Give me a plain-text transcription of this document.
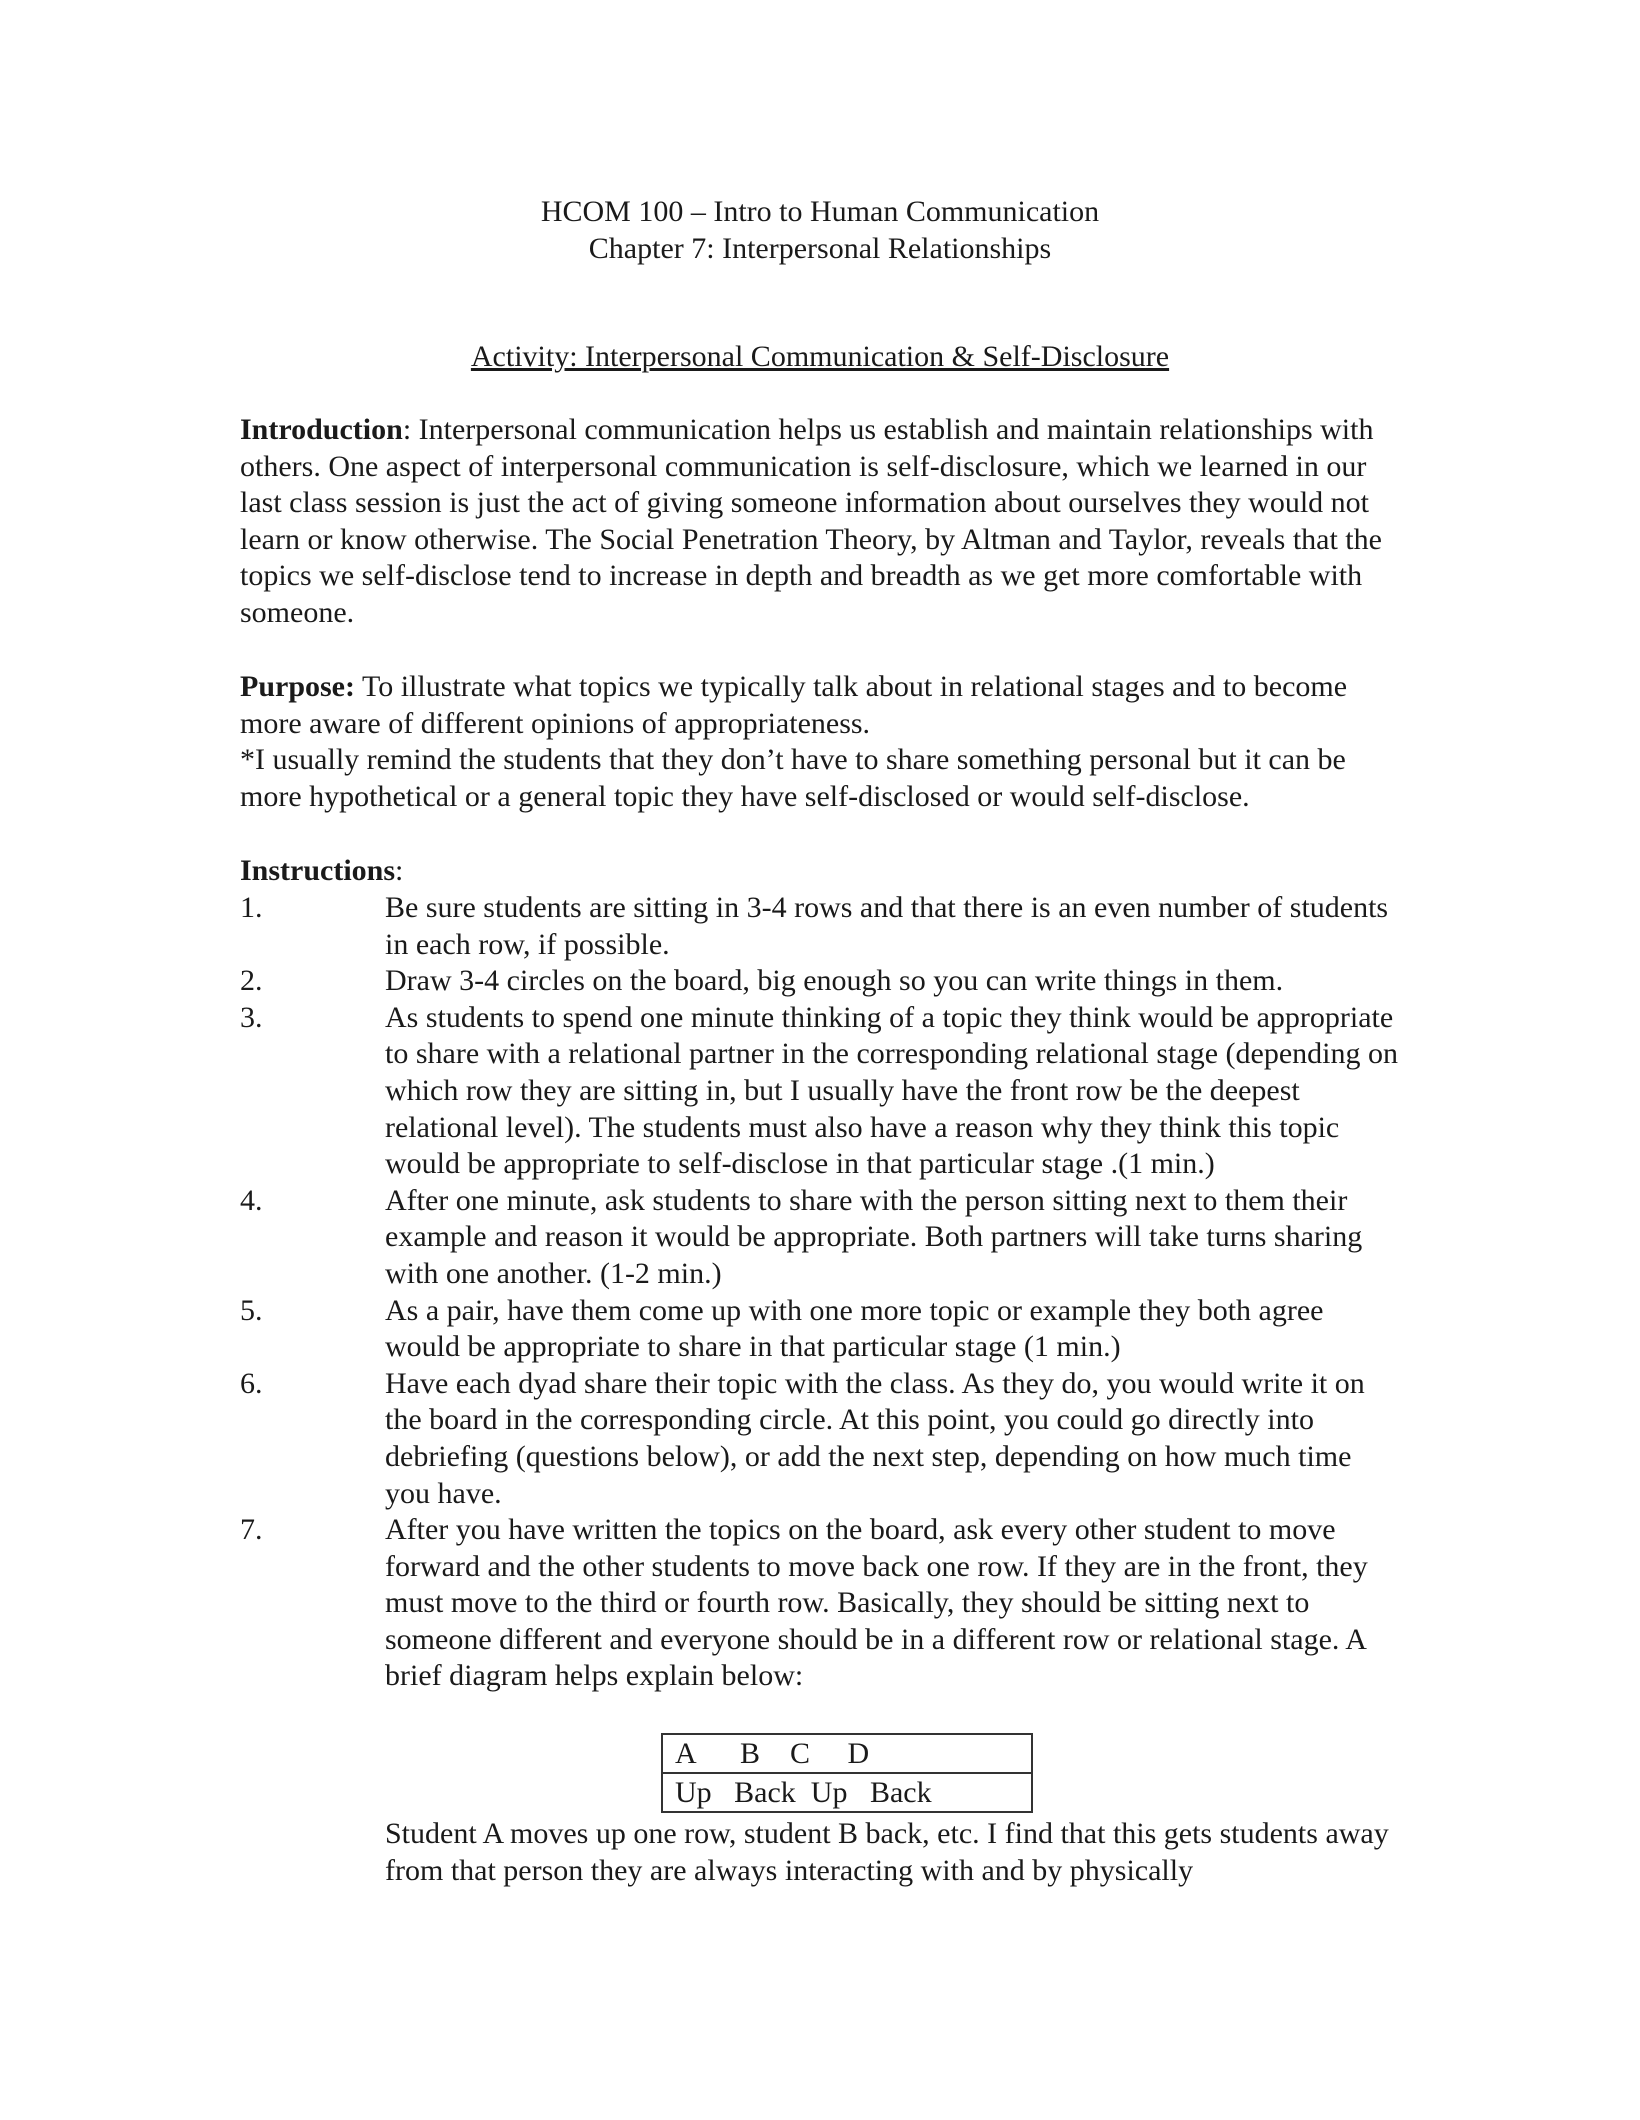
HCOM 100 – Intro to Human Communication
Chapter 7: Interpersonal Relationships
Activity: Interpersonal Communication & Self-Disclosure
Introduction: Interpersonal communication helps us establish and maintain relationships with others. One aspect of interpersonal communication is self-disclosure, which we learned in our last class session is just the act of giving someone information about ourselves they would not learn or know otherwise. The Social Penetration Theory, by Altman and Taylor, reveals that the topics we self-disclose tend to increase in depth and breadth as we get more comfortable with someone.
Purpose: To illustrate what topics we typically talk about in relational stages and to become more aware of different opinions of appropriateness.
*I usually remind the students that they don’t have to share something personal but it can be more hypothetical or a general topic they have self-disclosed or would self-disclose.
Instructions:
1.	Be sure students are sitting in 3-4 rows and that there is an even number of students in each row, if possible.
2.	Draw 3-4 circles on the board, big enough so you can write things in them.
3.	As students to spend one minute thinking of a topic they think would be appropriate to share with a relational partner in the corresponding relational stage (depending on which row they are sitting in, but I usually have the front row be the deepest relational level). The students must also have a reason why they think this topic would be appropriate to self-disclose in that particular stage .(1 min.)
4.	After one minute, ask students to share with the person sitting next to them their example and reason it would be appropriate. Both partners will take turns sharing with one another. (1-2 min.)
5.	As a pair, have them come up with one more topic or example they both agree would be appropriate to share in that particular stage (1 min.)
6.	Have each dyad share their topic with the class. As they do, you would write it on the board in the corresponding circle. At this point, you could go directly into debriefing (questions below), or add the next step, depending on how much time you have.
7.	After you have written the topics on the board, ask every other student to move forward and the other students to move back one row. If they are in the front, they must move to the third or fourth row. Basically, they should be sitting next to someone different and everyone should be in a different row or relational stage. A brief diagram helps explain below:
A      B    C     D
Up   Back  Up   Back
Student A moves up one row, student B back, etc. I find that this gets students away from that person they are always interacting with and by physically
